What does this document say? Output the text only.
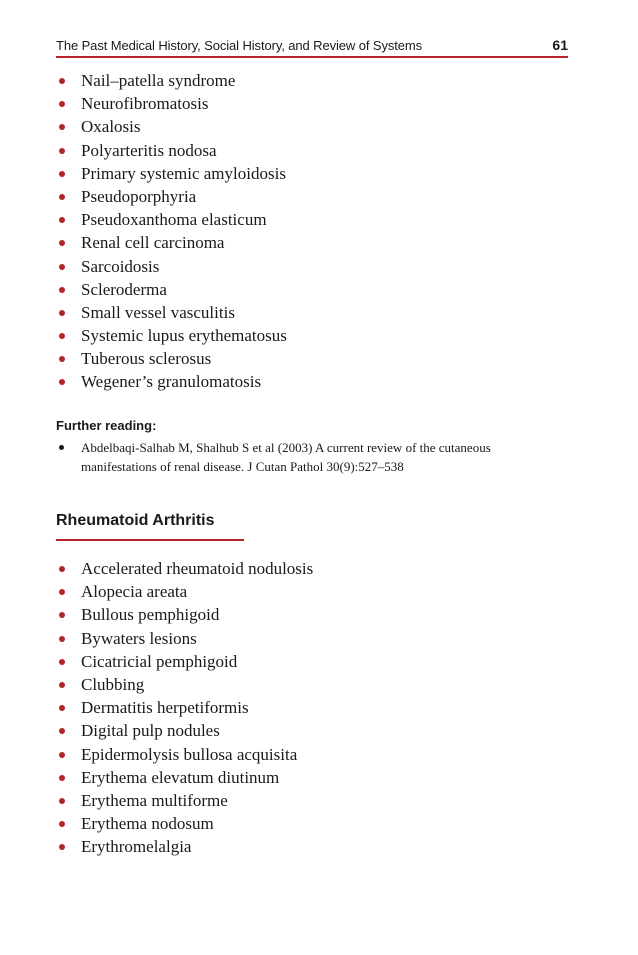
The Past Medical History, Social History, and Review of Systems	61
Nail–patella syndrome
Neurofibromatosis
Oxalosis
Polyarteritis nodosa
Primary systemic amyloidosis
Pseudoporphyria
Pseudoxanthoma elasticum
Renal cell carcinoma
Sarcoidosis
Scleroderma
Small vessel vasculitis
Systemic lupus erythematosus
Tuberous sclerosus
Wegener’s granulomatosis
Further reading:
Abdelbaqi-Salhab M, Shalhub S et al (2003) A current review of the cutaneous manifestations of renal disease. J Cutan Pathol 30(9):527–538
Rheumatoid Arthritis
Accelerated rheumatoid nodulosis
Alopecia areata
Bullous pemphigoid
Bywaters lesions
Cicatricial pemphigoid
Clubbing
Dermatitis herpetiformis
Digital pulp nodules
Epidermolysis bullosa acquisita
Erythema elevatum diutinum
Erythema multiforme
Erythema nodosum
Erythromelalgia
